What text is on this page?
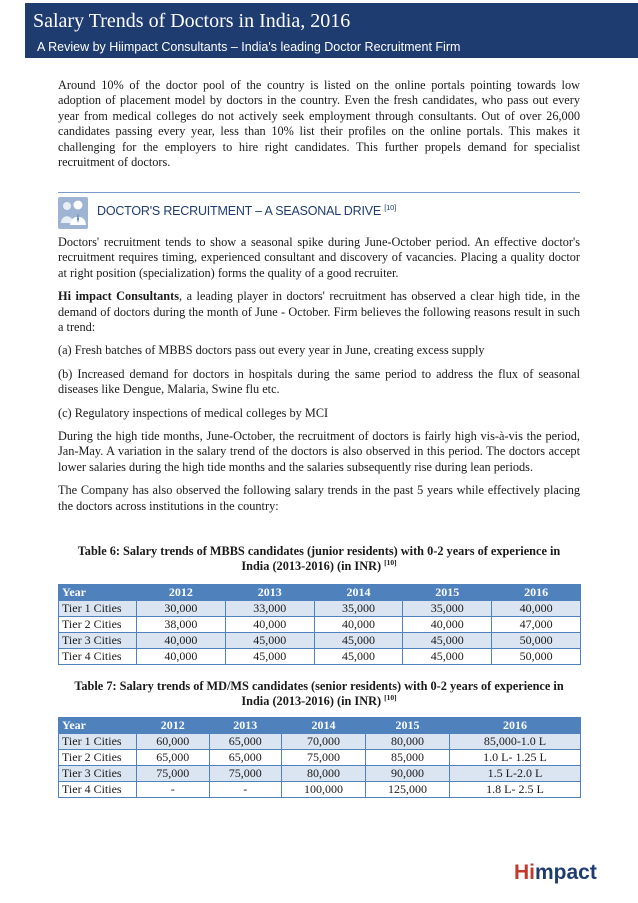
Salary Trends of Doctors in India, 2016
A Review by Hiimpact Consultants – India's leading Doctor Recruitment Firm

Around 10% of the doctor pool of the country is listed on the online portals pointing towards low adoption of placement model by doctors in the country. Even the fresh candidates, who pass out every year from medical colleges do not actively seek employment through consultants. Out of over 26,000 candidates passing every year, less than 10% list their profiles on the online portals. This makes it challenging for the employers to hire right candidates. This further propels demand for specialist recruitment of doctors.

DOCTOR'S RECRUITMENT – A SEASONAL DRIVE [10]

Doctors' recruitment tends to show a seasonal spike during June-October period. An effective doctor's recruitment requires timing, experienced consultant and discovery of vacancies. Placing a quality doctor at right position (specialization) forms the quality of a good recruiter.

Hi impact Consultants, a leading player in doctors' recruitment has observed a clear high tide, in the demand of doctors during the month of June - October. Firm believes the following reasons result in such a trend:

(a) Fresh batches of MBBS doctors pass out every year in June, creating excess supply

(b) Increased demand for doctors in hospitals during the same period to address the flux of seasonal diseases like Dengue, Malaria, Swine flu etc.

(c) Regulatory inspections of medical colleges by MCI

During the high tide months, June-October, the recruitment of doctors is fairly high vis-à-vis the period, Jan-May. A variation in the salary trend of the doctors is also observed in this period. The doctors accept lower salaries during the high tide months and the salaries subsequently rise during lean periods.

The Company has also observed the following salary trends in the past 5 years while effectively placing the doctors across institutions in the country:

Table 6: Salary trends of MBBS candidates (junior residents) with 0-2 years of experience in
India (2013-2016) (in INR) [10]
Year	2012	2013	2014	2015	2016
Tier 1 Cities	30,000	33,000	35,000	35,000	40,000
Tier 2 Cities	38,000	40,000	40,000	40,000	47,000
Tier 3 Cities	40,000	45,000	45,000	45,000	50,000
Tier 4 Cities	40,000	45,000	45,000	45,000	50,000
Table 7: Salary trends of MD/MS candidates (senior residents) with 0-2 years of experience in
India (2013-2016) (in INR) [10]
Year	2012	2013	2014	2015	2016
Tier 1 Cities	60,000	65,000	70,000	80,000	85,000-1.0 L
Tier 2 Cities	65,000	65,000	75,000	85,000	1.0 L- 1.25 L
Tier 3 Cities	75,000	75,000	80,000	90,000	1.5 L-2.0 L
Tier 4 Cities	-	-	100,000	125,000	1.8 L- 2.5 L
Himpact
